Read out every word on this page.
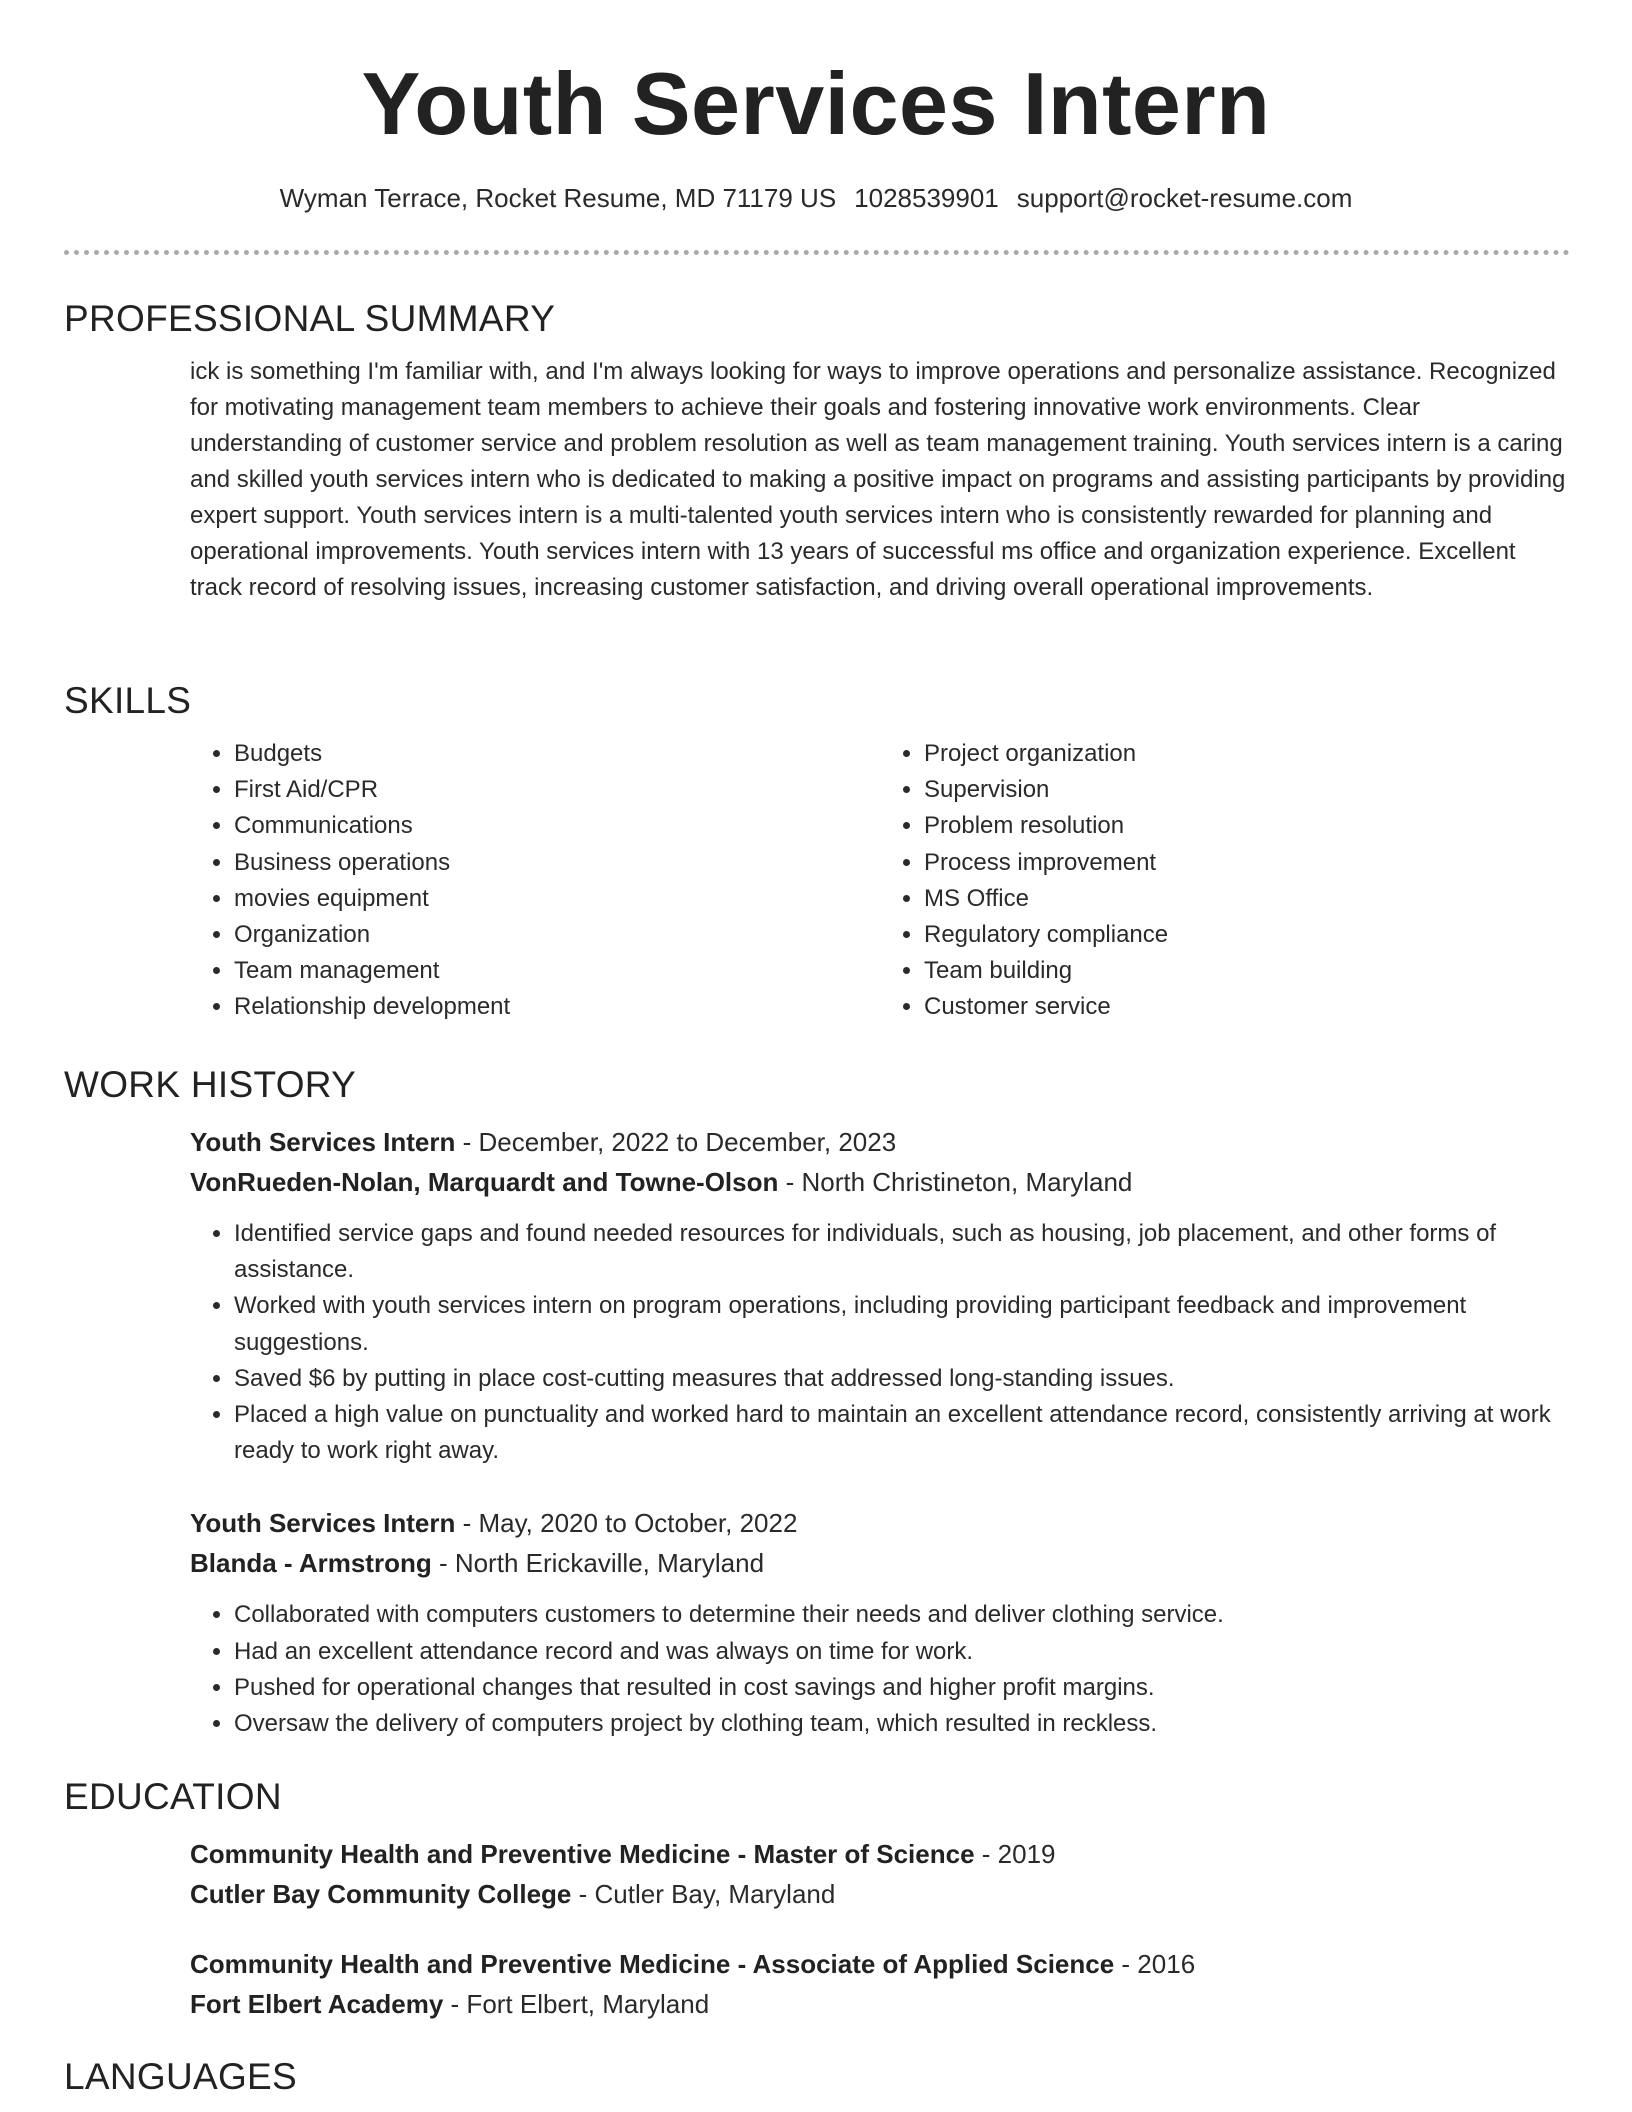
Youth Services Intern
Wyman Terrace, Rocket Resume, MD 71179 US 1028539901 support@rocket-resume.com
PROFESSIONAL SUMMARY

ick is something I'm familiar with, and I'm always looking for ways to improve operations and personalize assistance. Recognized for motivating management team members to achieve their goals and fostering innovative work environments. Clear understanding of customer service and problem resolution as well as team management training. Youth services intern is a caring and skilled youth services intern who is dedicated to making a positive impact on programs and assisting participants by providing expert support. Youth services intern is a multi-talented youth services intern who is consistently rewarded for planning and operational improvements. Youth services intern with 13 years of successful ms office and organization experience. Excellent track record of resolving issues, increasing customer satisfaction, and driving overall operational improvements.

SKILLS
• Budgets
• First Aid/CPR
• Communications
• Business operations
• movies equipment
• Organization
• Team management
• Relationship development
• Project organization
• Supervision
• Problem resolution
• Process improvement
• MS Office
• Regulatory compliance
• Team building
• Customer service
WORK HISTORY

Youth Services Intern - December, 2022 to December, 2023

VonRueden-Nolan, Marquardt and Towne-Olson - North Christineton, Maryland

• Identified service gaps and found needed resources for individuals, such as housing, job placement, and other forms of assistance.
• Worked with youth services intern on program operations, including providing participant feedback and improvement suggestions.
• Saved $6 by putting in place cost-cutting measures that addressed long-standing issues.
• Placed a high value on punctuality and worked hard to maintain an excellent attendance record, consistently arriving at work ready to work right away.

Youth Services Intern - May, 2020 to October, 2022

Blanda - Armstrong - North Erickaville, Maryland

• Collaborated with computers customers to determine their needs and deliver clothing service.
• Had an excellent attendance record and was always on time for work.
• Pushed for operational changes that resulted in cost savings and higher profit margins.
• Oversaw the delivery of computers project by clothing team, which resulted in reckless.
EDUCATION

Community Health and Preventive Medicine - Master of Science - 2019

Cutler Bay Community College - Cutler Bay, Maryland

Community Health and Preventive Medicine - Associate of Applied Science - 2016

Fort Elbert Academy - Fort Elbert, Maryland

LANGUAGES
